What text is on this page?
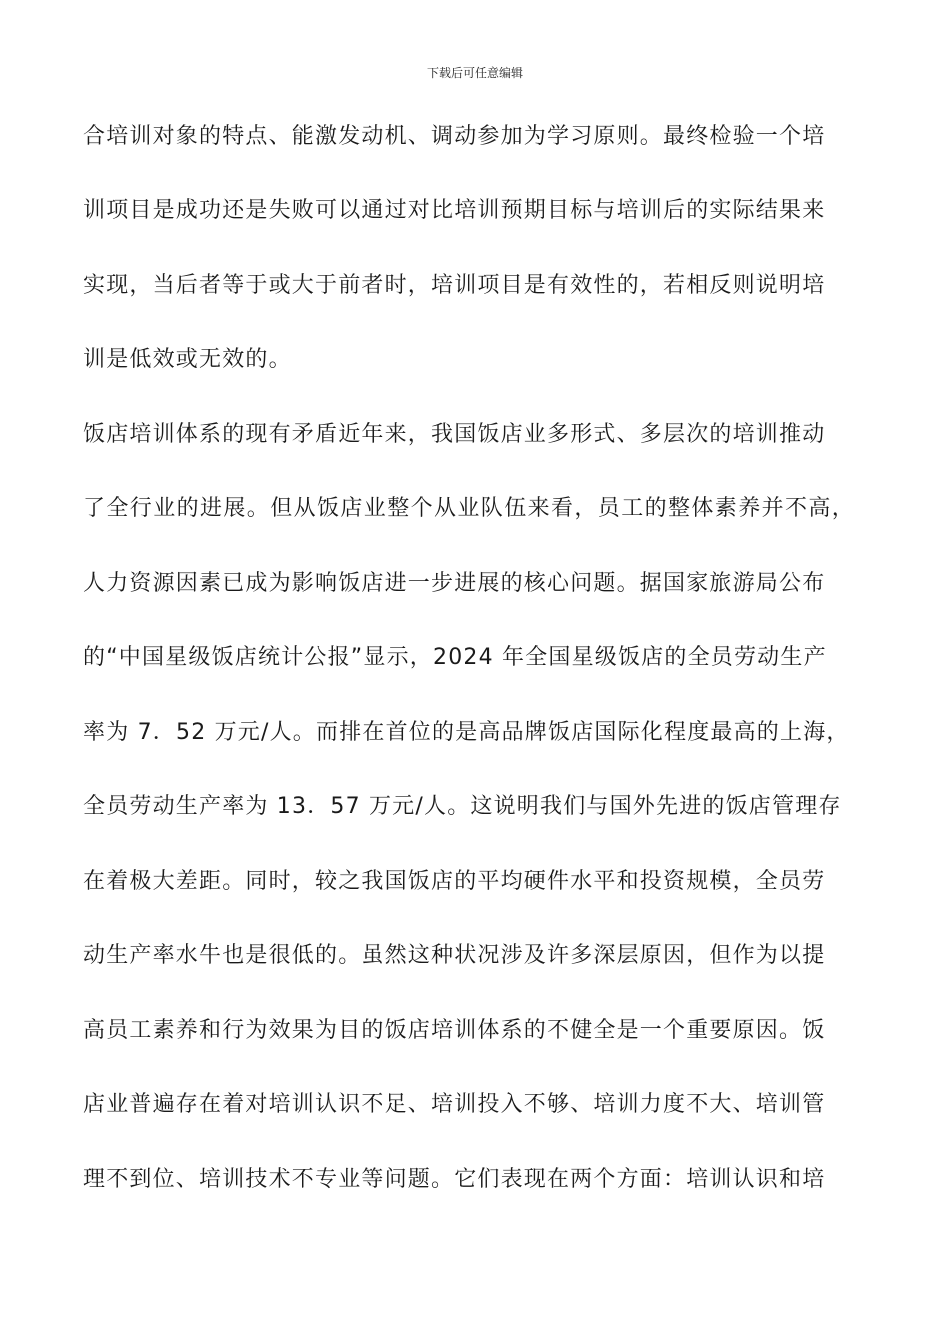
下载后可任意编辑
合培训对象的特点、能激发动机、调动参加为学习原则。最终检验一个培
训项目是成功还是失败可以通过对比培训预期目标与培训后的实际结果来
实现，当后者等于或大于前者时，培训项目是有效性的，若相反则说明培
训是低效或无效的。
饭店培训体系的现有矛盾近年来，我国饭店业多形式、多层次的培训推动
了全行业的进展。但从饭店业整个从业队伍来看，员工的整体素养并不高，
人力资源因素已成为影响饭店进一步进展的核心问题。据国家旅游局公布
的“中国星级饭店统计公报”显示，2024 年全国星级饭店的全员劳动生产
率为 7．52 万元/人。而排在首位的是高品牌饭店国际化程度最高的上海，
全员劳动生产率为 13．57 万元/人。这说明我们与国外先进的饭店管理存
在着极大差距。同时，较之我国饭店的平均硬件水平和投资规模，全员劳
动生产率水牛也是很低的。虽然这种状况涉及许多深层原因，但作为以提
高员工素养和行为效果为目的饭店培训体系的不健全是一个重要原因。饭
店业普遍存在着对培训认识不足、培训投入不够、培训力度不大、培训管
理不到位、培训技术不专业等问题。它们表现在两个方面：培训认识和培
